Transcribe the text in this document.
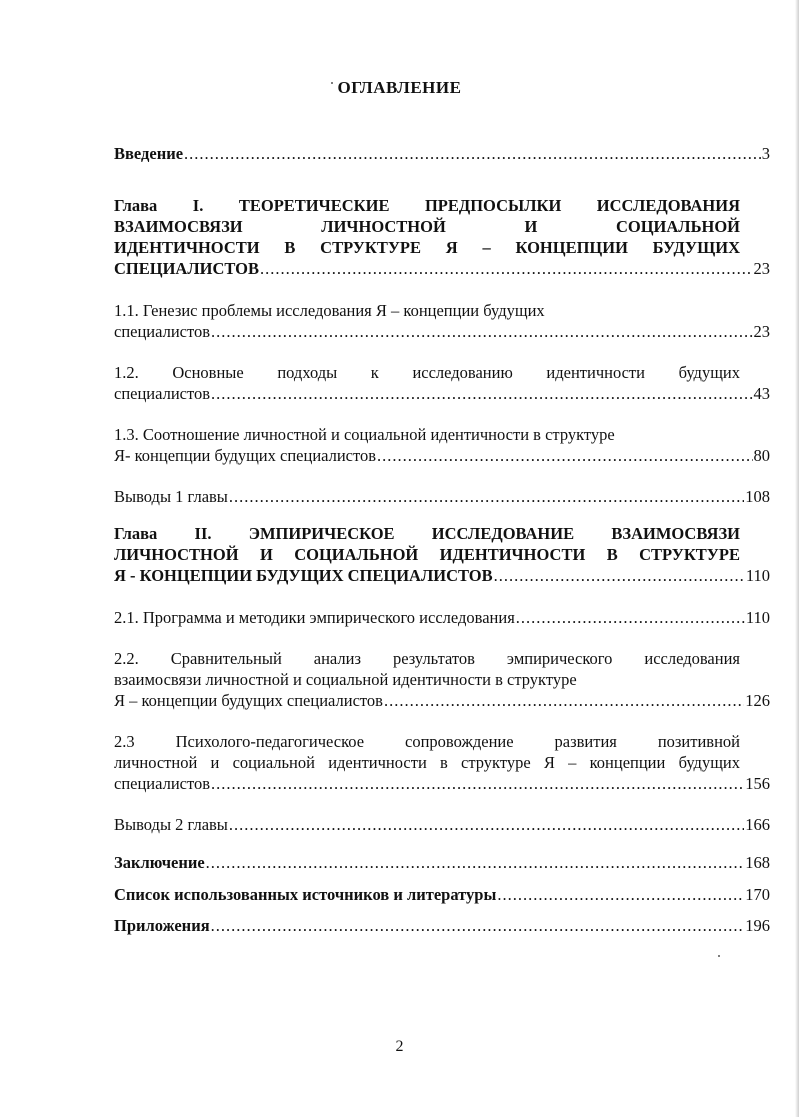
ОГЛАВЛЕНИЕ
Введение .....	3
Глава I. ТЕОРЕТИЧЕСКИЕ ПРЕДПОСЫЛКИ ИССЛЕДОВАНИЯ
ВЗАИМОСВЯЗИ ЛИЧНОСТНОЙ И СОЦИАЛЬНОЙ
ИДЕНТИЧНОСТИ В СТРУКТУРЕ Я – КОНЦЕПЦИИ БУДУЩИХ
СПЕЦИАЛИСТОВ .....	23
1.1. Генезис проблемы исследования Я – концепции будущих
специалистов .....	23
1.2. Основные подходы к исследованию идентичности будущих
специалистов .....	43
1.3. Соотношение личностной и социальной идентичности в структуре
Я- концепции будущих специалистов .....	80
Выводы 1 главы .....	108
Глава II. ЭМПИРИЧЕСКОЕ ИССЛЕДОВАНИЕ ВЗАИМОСВЯЗИ
ЛИЧНОСТНОЙ И СОЦИАЛЬНОЙ ИДЕНТИЧНОСТИ В СТРУКТУРЕ
Я - КОНЦЕПЦИИ БУДУЩИХ СПЕЦИАЛИСТОВ .....	110
2.1. Программа и методики эмпирического исследования .....	110
2.2. Сравнительный анализ результатов эмпирического исследования
взаимосвязи личностной и социальной идентичности в структуре
Я – концепции будущих специалистов .....	126
2.3 Психолого-педагогическое сопровождение развития позитивной
личностной и социальной идентичности в структуре Я – концепции будущих
специалистов .....	156
Выводы 2 главы .....	166
Заключение .....	168
Список использованных источников и литературы .....	170
Приложения .....	196
2
